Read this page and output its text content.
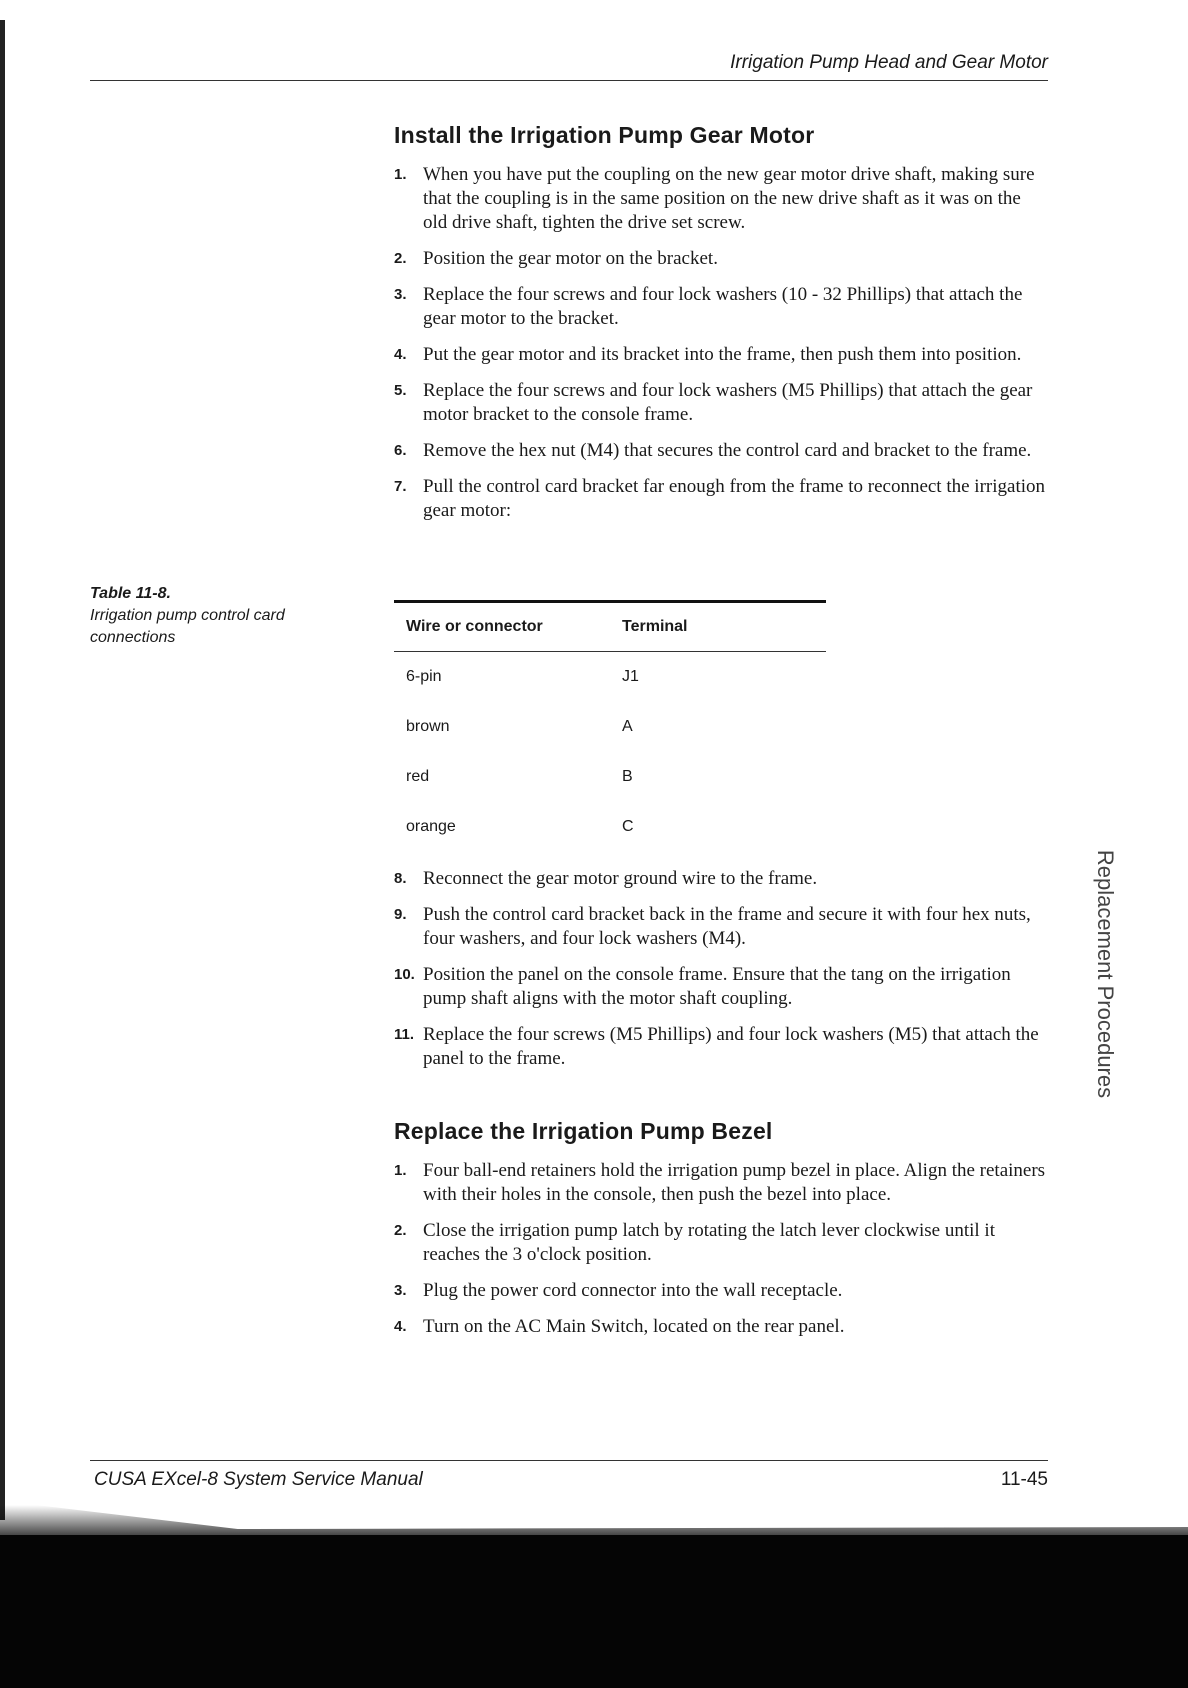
Irrigation Pump Head and Gear Motor
Install the Irrigation Pump Gear Motor
1. When you have put the coupling on the new gear motor drive shaft, making sure that the coupling is in the same position on the new drive shaft as it was on the old drive shaft, tighten the drive set screw.
2. Position the gear motor on the bracket.
3. Replace the four screws and four lock washers (10 - 32 Phillips) that attach the gear motor to the bracket.
4. Put the gear motor and its bracket into the frame, then push them into position.
5. Replace the four screws and four lock washers (M5 Phillips) that attach the gear motor bracket to the console frame.
6. Remove the hex nut (M4) that secures the control card and bracket to the frame.
7. Pull the control card bracket far enough from the frame to reconnect the irrigation gear motor:
Table 11-8.
Irrigation pump control card connections
Wire or connector	Terminal
6-pin	J1
brown	A
red	B
orange	C
8. Reconnect the gear motor ground wire to the frame.
9. Push the control card bracket back in the frame and secure it with four hex nuts, four washers, and four lock washers (M4).
10. Position the panel on the console frame. Ensure that the tang on the irrigation pump shaft aligns with the motor shaft coupling.
11. Replace the four screws (M5 Phillips) and four lock washers (M5) that attach the panel to the frame.
Replace the Irrigation Pump Bezel
1. Four ball-end retainers hold the irrigation pump bezel in place. Align the retainers with their holes in the console, then push the bezel into place.
2. Close the irrigation pump latch by rotating the latch lever clockwise until it reaches the 3 o'clock position.
3. Plug the power cord connector into the wall receptacle.
4. Turn on the AC Main Switch, located on the rear panel.
Replacement Procedures
CUSA EXcel-8 System Service Manual	11-45
